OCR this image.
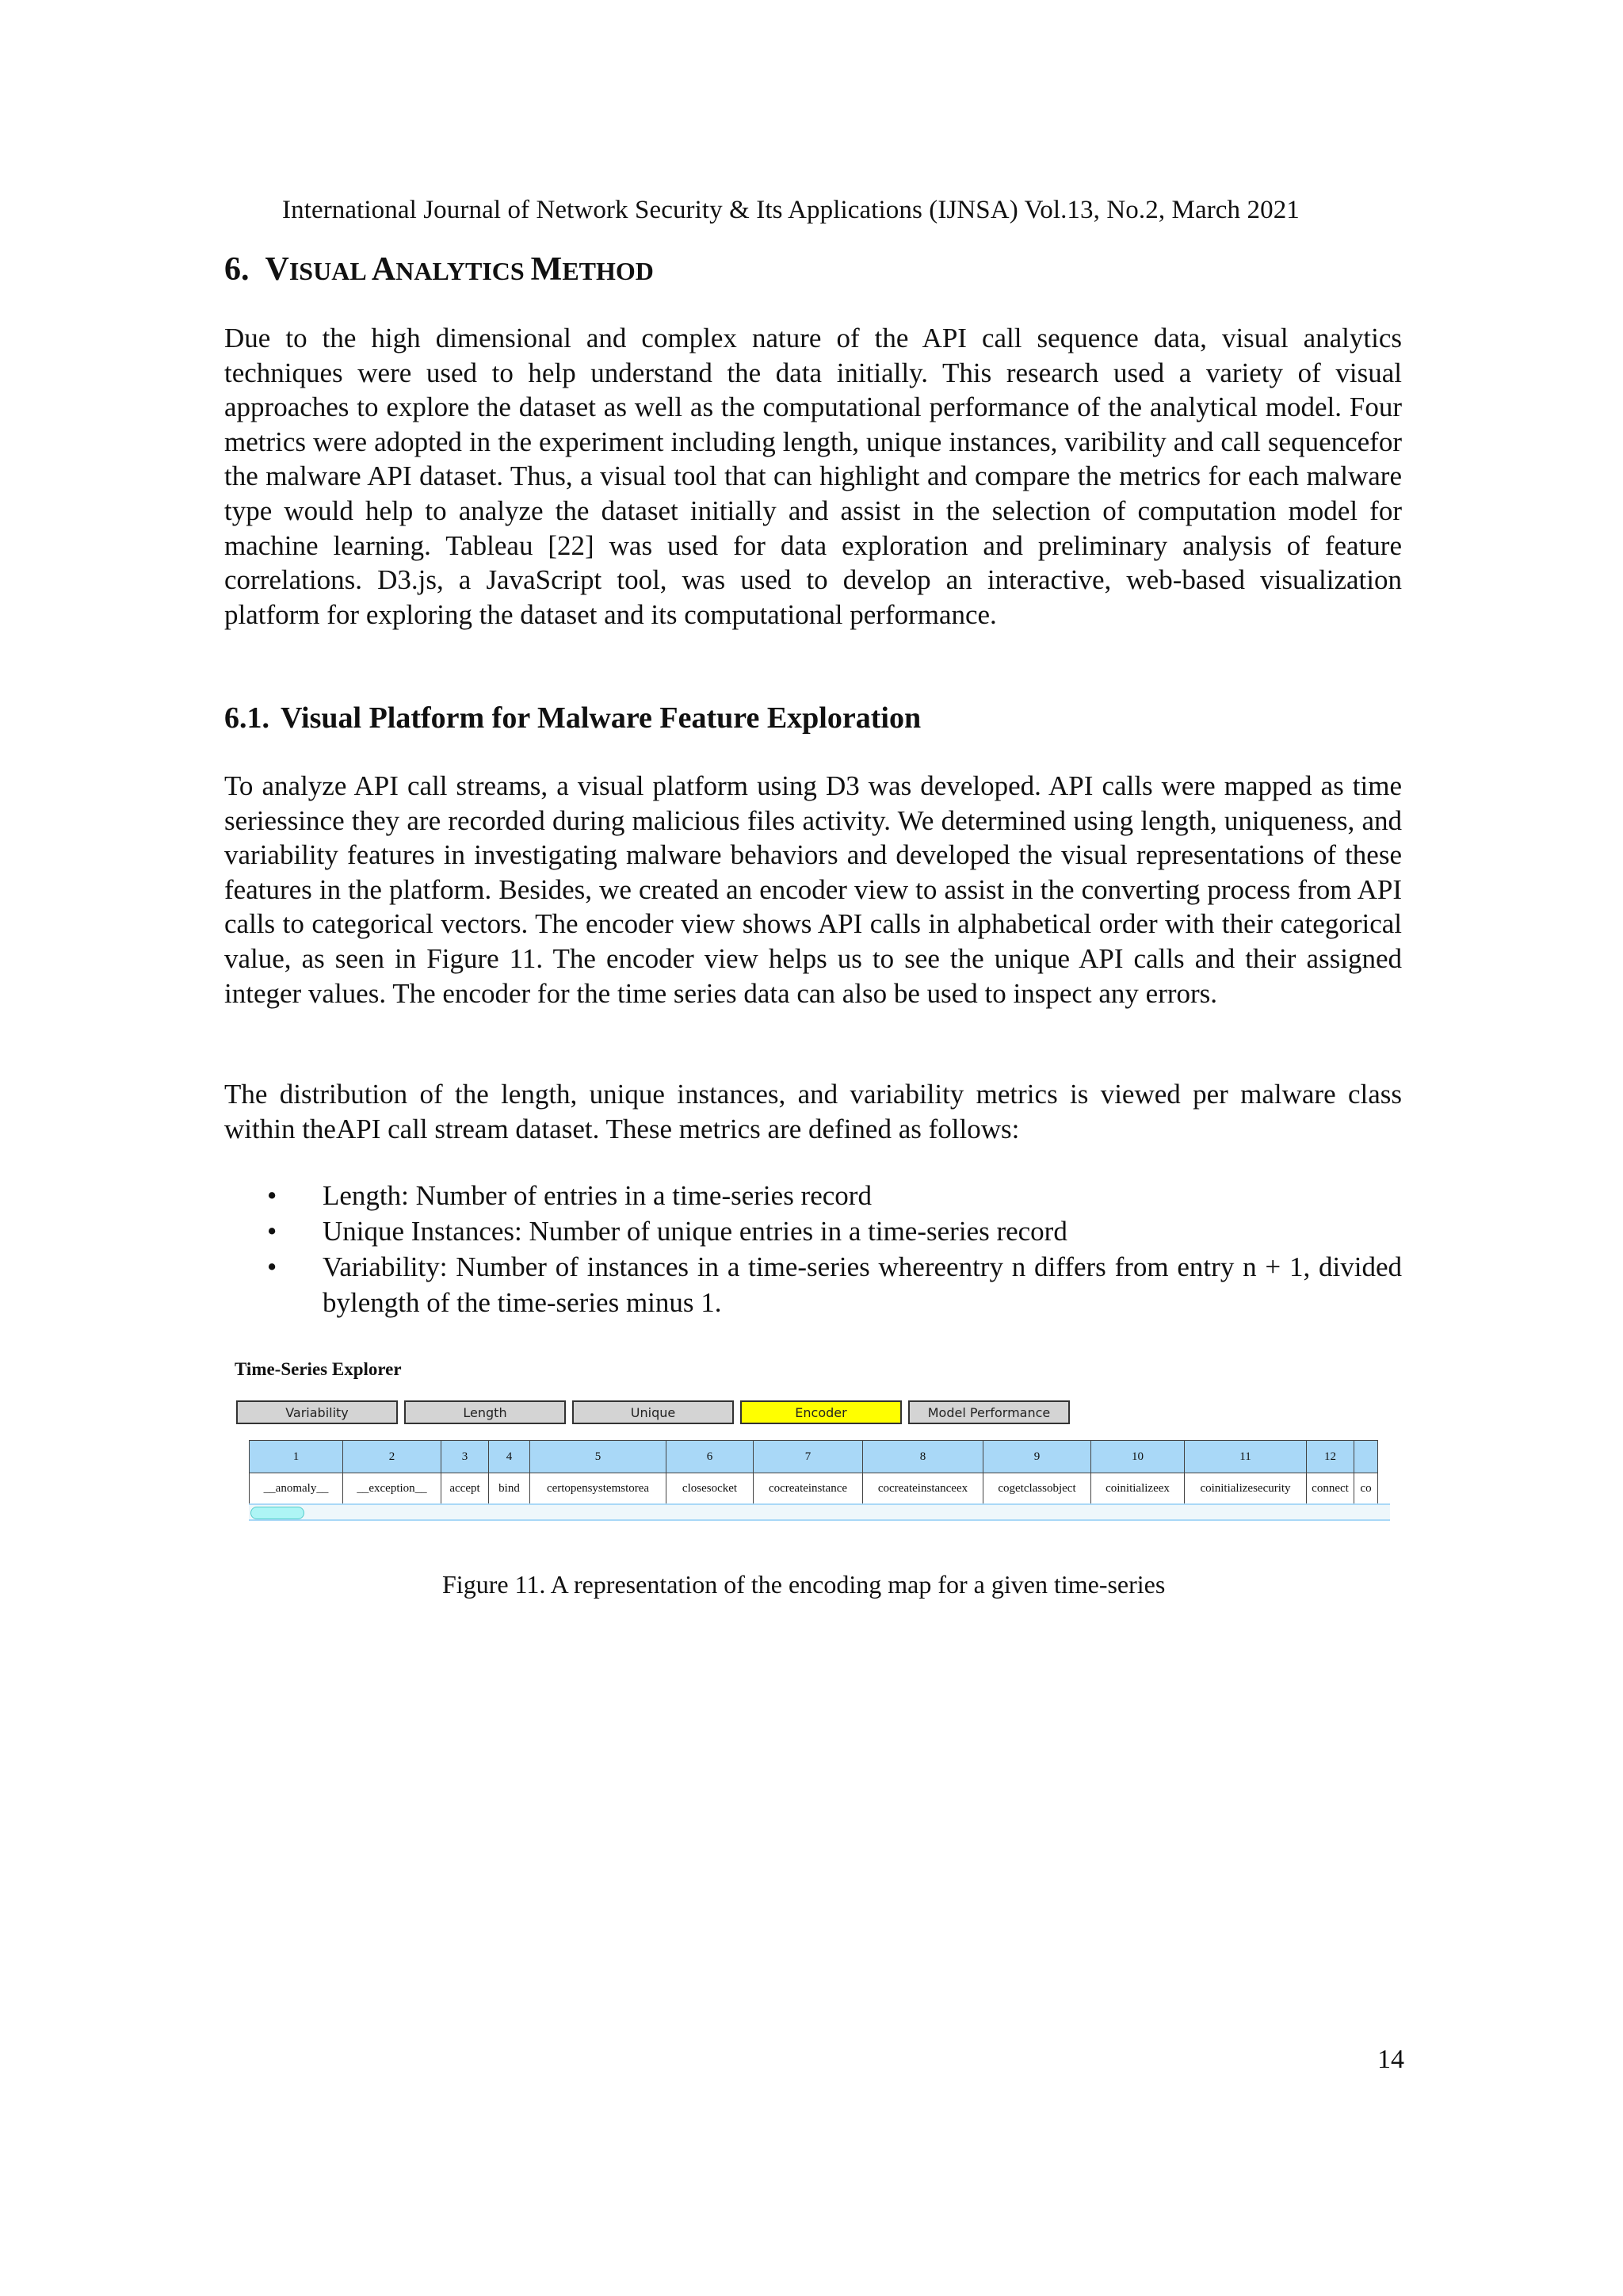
International Journal of Network Security & Its Applications (IJNSA) Vol.13, No.2, March 2021
6. VISUAL ANALYTICS METHOD

Due to the high dimensional and complex nature of the API call sequence data, visual analytics techniques were used to help understand the data initially. This research used a variety of visual approaches to explore the dataset as well as the computational performance of the analytical model. Four metrics were adopted in the experiment including length, unique instances, varibility and call sequencefor the malware API dataset. Thus, a visual tool that can highlight and compare the metrics for each malware type would help to analyze the dataset initially and assist in the selection of computation model for machine learning. Tableau [22] was used for data exploration and preliminary analysis of feature correlations. D3.js, a JavaScript tool, was used to develop an interactive, web-based visualization platform for exploring the dataset and its computational performance.

6.1. Visual Platform for Malware Feature Exploration

To analyze API call streams, a visual platform using D3 was developed. API calls were mapped as time seriessince they are recorded during malicious files activity. We determined using length, uniqueness, and variability features in investigating malware behaviors and developed the visual representations of these features in the platform. Besides, we created an encoder view to assist in the converting process from API calls to categorical vectors. The encoder view shows API calls in alphabetical order with their categorical value, as seen in Figure 11. The encoder view helps us to see the unique API calls and their assigned integer values. The encoder for the time series data can also be used to inspect any errors.

The distribution of the length, unique instances, and variability metrics is viewed per malware class within theAPI call stream dataset. These metrics are defined as follows:

• Length: Number of entries in a time-series record
• Unique Instances: Number of unique entries in a time-series record
• Variability: Number of instances in a time-series whereentry n differs from entry n + 1, divided bylength of the time-series minus 1.
Time-Series Explorer
Variability	Length	Unique	Encoder	Model Performance
1	2	3	4	5	6	7	8	9	10	11	12	
__anomaly__	__exception__	accept	bind	certopensystemstorea	closesocket	cocreateinstance	cocreateinstanceex	cogetclassobject	coinitializeex	coinitializesecurity	connect	co
Figure 11. A representation of the encoding map for a given time-series
14
